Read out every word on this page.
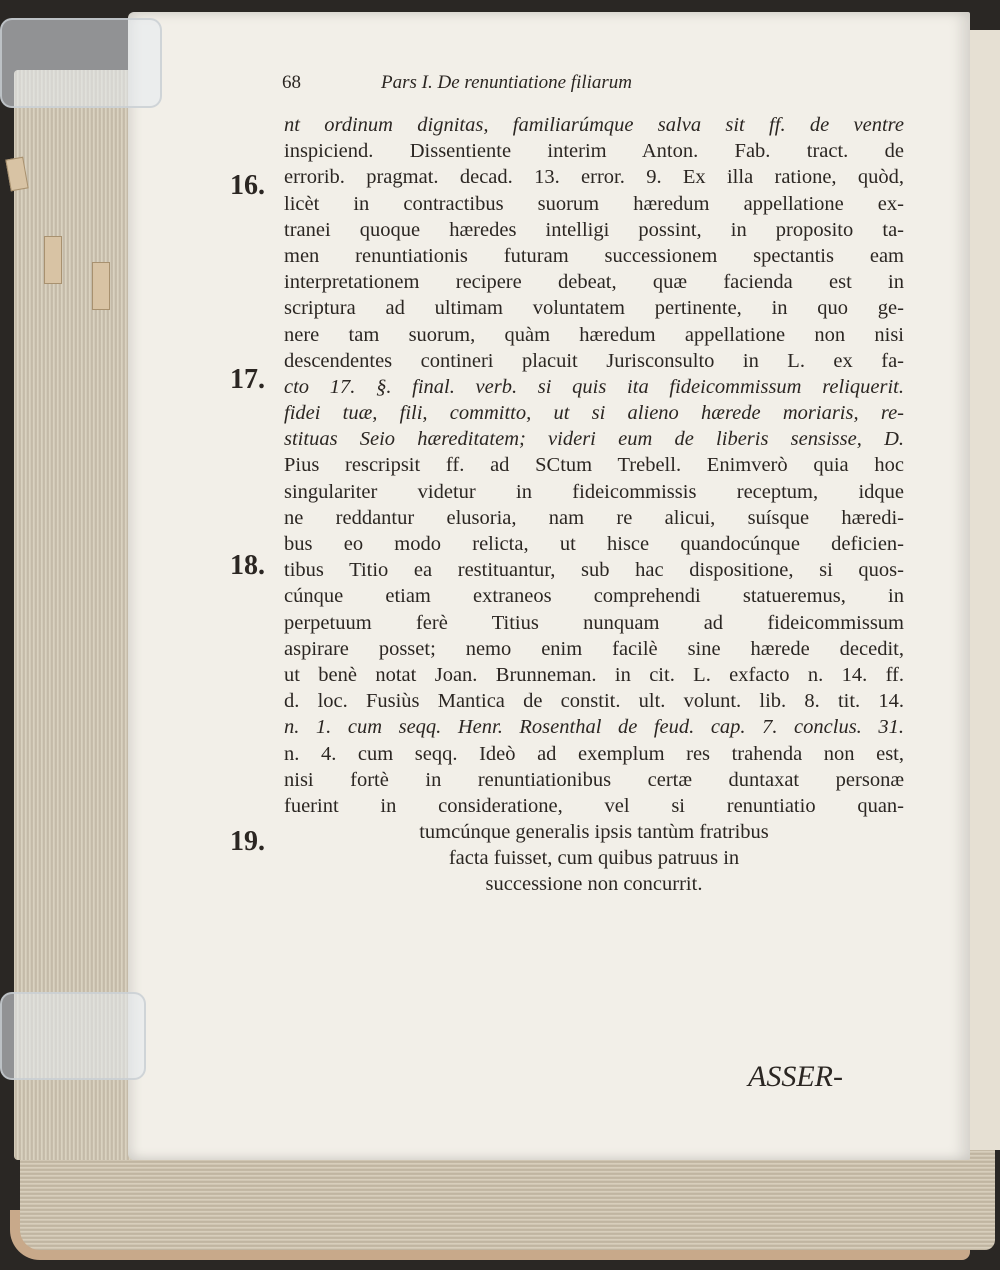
68	Pars I. De renuntiatione filiarum
16.
17.
18.
19.
nt ordinum dignitas, familiarúmque salva sit ff. de ventre
inspiciend. Dissentiente interim Anton. Fab. tract. de
errorib. pragmat. decad. 13. error. 9. Ex illa ratione, quòd,
licèt in contractibus suorum hæredum appellatione ex-
tranei quoque hæredes intelligi possint, in proposito ta-
men renuntiationis futuram successionem spectantis eam
interpretationem recipere debeat, quæ facienda est in
scriptura ad ultimam voluntatem pertinente, in quo ge-
nere tam suorum, quàm hæredum appellatione non nisi
descendentes contineri placuit Jurisconsulto in L. ex fa-
cto 17. §. final. verb. si quis ita fideicommissum reliquerit.
fidei tuæ, fili, committo, ut si alieno hærede moriaris, re-
stituas Seio hæreditatem; videri eum de liberis sensisse, D.
Pius rescripsit ff. ad SCtum Trebell. Enimverò quia hoc
singulariter videtur in fideicommissis receptum, idque
ne reddantur elusoria, nam re alicui, suísque hæredi-
bus eo modo relicta, ut hisce quandocúnque deficien-
tibus Titio ea restituantur, sub hac dispositione, si quos-
cúnque etiam extraneos comprehendi statueremus, in
perpetuum ferè Titius nunquam ad fideicommissum
aspirare posset; nemo enim facilè sine hærede decedit,
ut benè notat Joan. Brunneman. in cit. L. exfacto n. 14. ff.
d. loc. Fusiùs Mantica de constit. ult. volunt. lib. 8. tit. 14.
n. 1. cum seqq. Henr. Rosenthal de feud. cap. 7. conclus. 31.
n. 4. cum seqq. Ideò ad exemplum res trahenda non est,
nisi fortè in renuntiationibus certæ duntaxat personæ
fuerint in consideratione, vel si renuntiatio quan-
tumcúnque generalis ipsis tantùm fratribus
facta fuisset, cum quibus patruus in
successione non concurrit.
ASSER-
